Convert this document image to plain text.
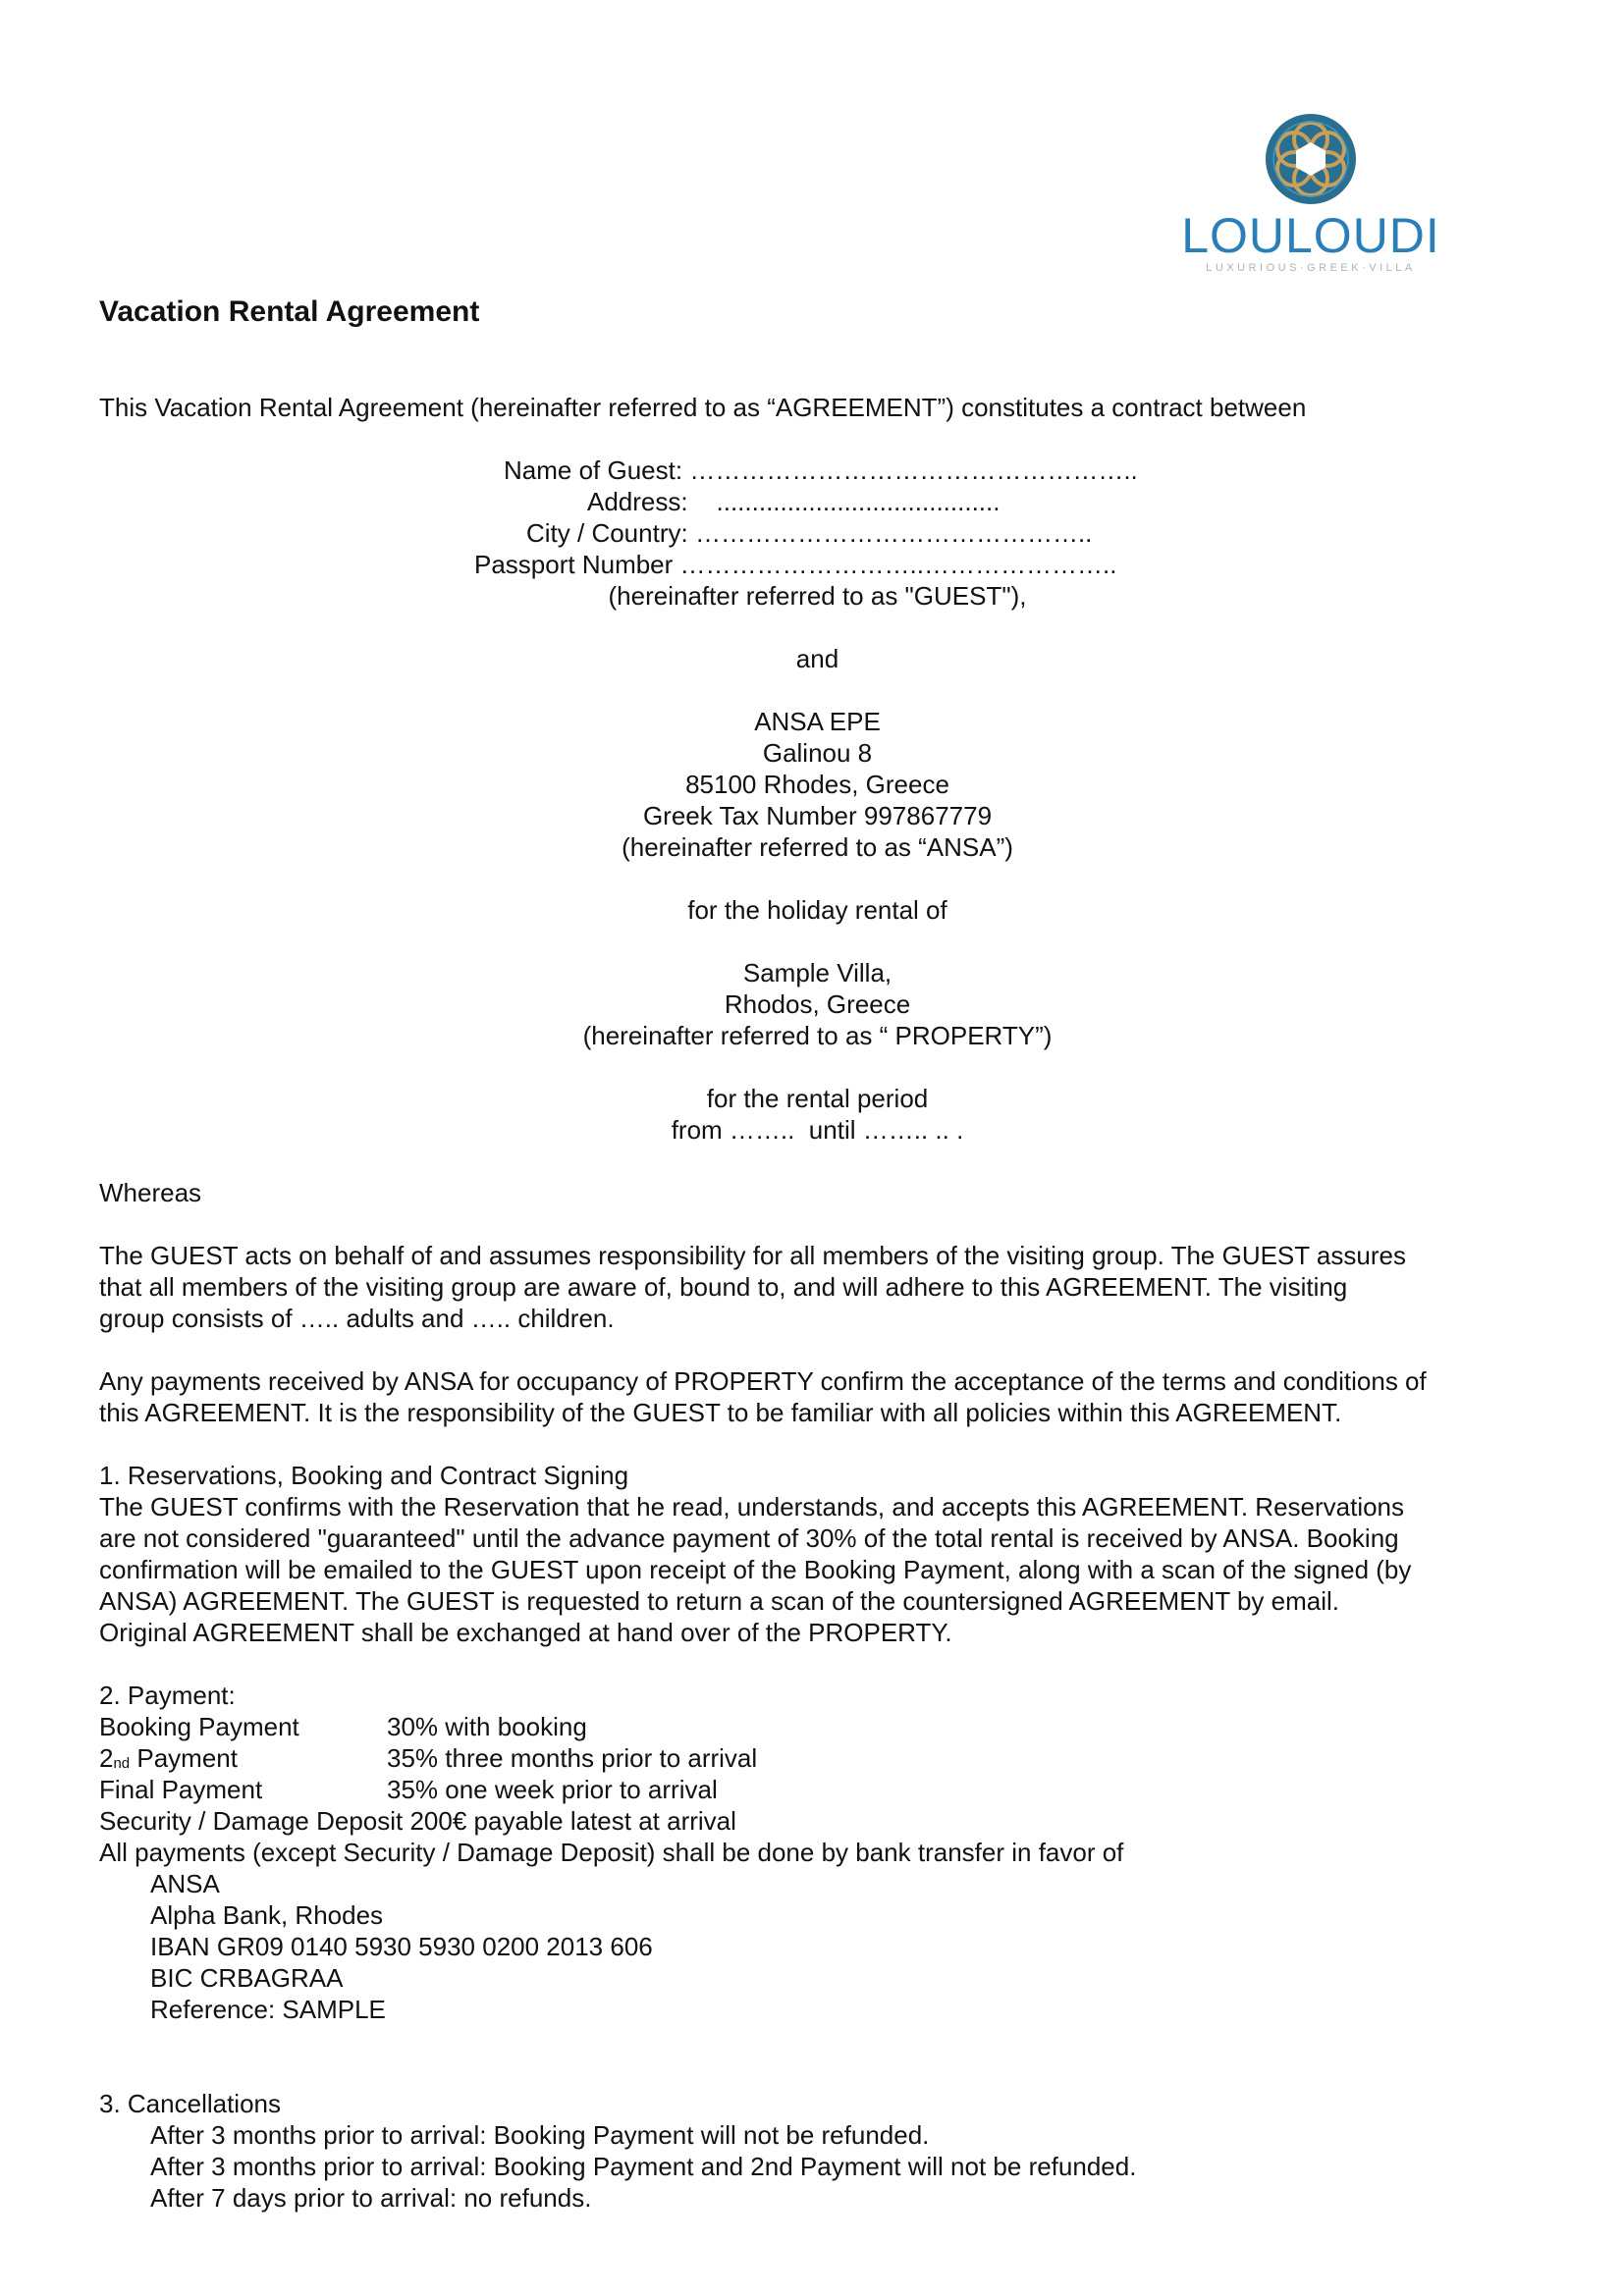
LOULOUDI
LUXURIOUS·GREEK·VILLA
Vacation Rental Agreement
This Vacation Rental Agreement (hereinafter referred to as “AGREEMENT”) constitutes a contract between
Name of Guest: ……………………………………………..
Address:    ........................................
City / Country: ………………………………………..
Passport Number ………………………..…………………..
(hereinafter referred to as "GUEST"),
and
ANSA EPE
Galinou 8
85100 Rhodes, Greece
Greek Tax Number 997867779
(hereinafter referred to as “ANSA”)
for the holiday rental of
Sample Villa,
Rhodos, Greece
(hereinafter referred to as “ PROPERTY”)
for the rental period
from ……..  until …….. .. .
Whereas
The GUEST acts on behalf of and assumes responsibility for all members of the visiting group. The GUEST assures
that all members of the visiting group are aware of, bound to, and will adhere to this AGREEMENT. The visiting
group consists of ….. adults and ….. children.
Any payments received by ANSA for occupancy of PROPERTY confirm the acceptance of the terms and conditions of
this AGREEMENT. It is the responsibility of the GUEST to be familiar with all policies within this AGREEMENT.
1. Reservations, Booking and Contract Signing
The GUEST confirms with the Reservation that he read, understands, and accepts this AGREEMENT. Reservations
are not considered "guaranteed" until the advance payment of 30% of the total rental is received by ANSA. Booking
confirmation will be emailed to the GUEST upon receipt of the Booking Payment, along with a scan of the signed (by
ANSA) AGREEMENT. The GUEST is requested to return a scan of the countersigned AGREEMENT by email.
Original AGREEMENT shall be exchanged at hand over of the PROPERTY.
2. Payment:
Booking Payment	30% with booking
$2_{nd}$ Payment	35% three months prior to arrival
Final Payment	35% one week prior to arrival
Security / Damage Deposit 200€ payable latest at arrival
All payments (except Security / Damage Deposit) shall be done by bank transfer in favor of
ANSA
Alpha Bank, Rhodes
IBAN GR09 0140 5930 5930 0200 2013 606
BIC CRBAGRAA
Reference: SAMPLE
3. Cancellations
After 3 months prior to arrival: Booking Payment will not be refunded.
After 3 months prior to arrival: Booking Payment and 2nd Payment will not be refunded.
After 7 days prior to arrival: no refunds.
